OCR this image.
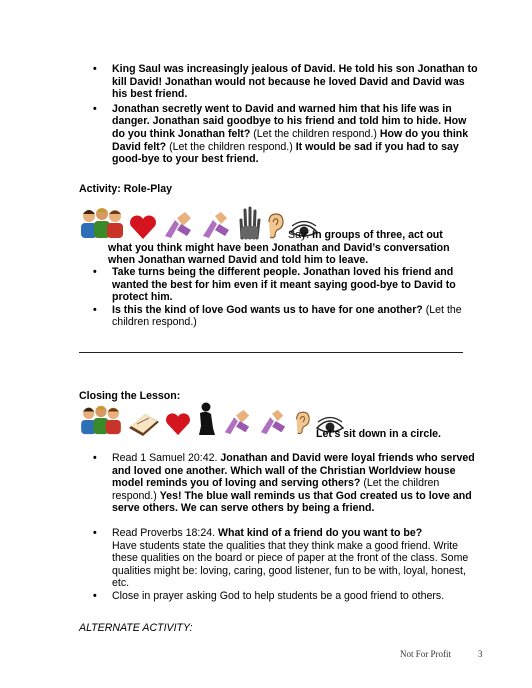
• King Saul was increasingly jealous of David. He told his son Jonathan to kill David! Jonathan would not because he loved David and David was his best friend.
• Jonathan secretly went to David and warned him that his life was in danger. Jonathan said goodbye to his friend and told him to hide. How do you think Jonathan felt? (Let the children respond.) How do you think David felt? (Let the children respond.) It would be sad if you had to say good-bye to your best friend.
Activity: Role-Play
Say: In groups of three, act out what you think might have been Jonathan and David’s conversation when Jonathan warned David and told him to leave.
• Take turns being the different people. Jonathan loved his friend and wanted the best for him even if it meant saying good-bye to David to protect him.
• Is this the kind of love God wants us to have for one another? (Let the children respond.)
Closing the Lesson:
Let’s sit down in a circle.
• Read 1 Samuel 20:42. Jonathan and David were loyal friends who served and loved one another. Which wall of the Christian Worldview house model reminds you of loving and serving others? (Let the children respond.) Yes! The blue wall reminds us that God created us to love and serve others. We can serve others by being a friend.
• Read Proverbs 18:24. What kind of a friend do you want to be?
Have students state the qualities that they think make a good friend. Write these qualities on the board or piece of paper at the front of the class. Some qualities might be: loving, caring, good listener, fun to be with, loyal, honest, etc.
• Close in prayer asking God to help students be a good friend to others.
ALTERNATE ACTIVITY:
Not For Profit	3
